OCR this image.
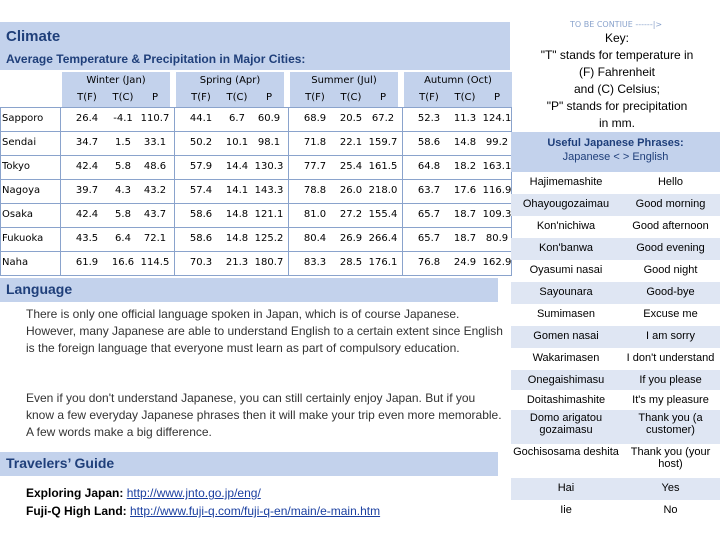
Climate
Average Temperature & Precipitation in Major Cities:
Winter (Jan)
T(F)	T(C)	P
Spring (Apr)
T(F)	T(C)	P
Summer (Jul)
T(F)	T(C)	P
Autumn (Oct)
T(F)	T(C)	P
Sapporo	26.4	-4.1 110.7	44.1	6.7	60.9	68.9	20.5 67.2	52.3	11.3 124.1
Sendai	34.7	1.5	33.1	50.2	10.1 98.1	71.8	22.1 159.7	58.6	14.8 99.2
Tokyo	42.4	5.8	48.6	57.9	14.4 130.3	77.7	25.4 161.5	64.8	18.2 163.1
Nagoya	39.7	4.3	43.2	57.4	14.1 143.3	78.8	26.0 218.0	63.7	17.6 116.9
Osaka	42.4	5.8	43.7	58.6	14.8 121.1	81.0	27.2 155.4	65.7	18.7 109.3
Fukuoka	43.5	6.4	72.1	58.6	14.8 125.2	80.4	26.9 266.4	65.7	18.7 80.9
Naha	61.9	16.6 114.5	70.3	21.3 180.7	83.3	28.5 176.1	76.8	24.9 162.9
Language
There is only one official language spoken in Japan, which is of course Japanese. However, many Japanese are able to understand English to a certain extent since English is the foreign language that everyone must learn as part of compulsory education.
Even if you don't understand Japanese, you can still certainly enjoy Japan. But if you know a few everyday Japanese phrases then it will make your trip even more memorable. A few words make a big difference.
Travelers’ Guide
Exploring Japan: http://www.jnto.go.jp/eng/
Fuji-Q High Land: http://www.fuji-q.com/fuji-q-en/main/e-main.htm
TO BE CONTIUE ------|>
Key:
"T" stands for temperature in
(F) Fahrenheit
and (C) Celsius;
"P" stands for precipitation
in mm.
Useful Japanese Phrases:
Japanese < > English
Hajimemashite	Hello
Ohayougozaimau	Good morning
Kon'nichiwa	Good afternoon
Kon'banwa	Good evening
Oyasumi nasai	Good night
Sayounara	Good-bye
Sumimasen	Excuse me
Gomen nasai	I am sorry
Wakarimasen	I don't understand
Onegaishimasu	If you please
Doitashimashite	It's my pleasure
Domo arigatou gozaimasu
Thank you (a customer)
Gochisosama deshita	Thank you (your host)
Hai	Yes
Iie	No
